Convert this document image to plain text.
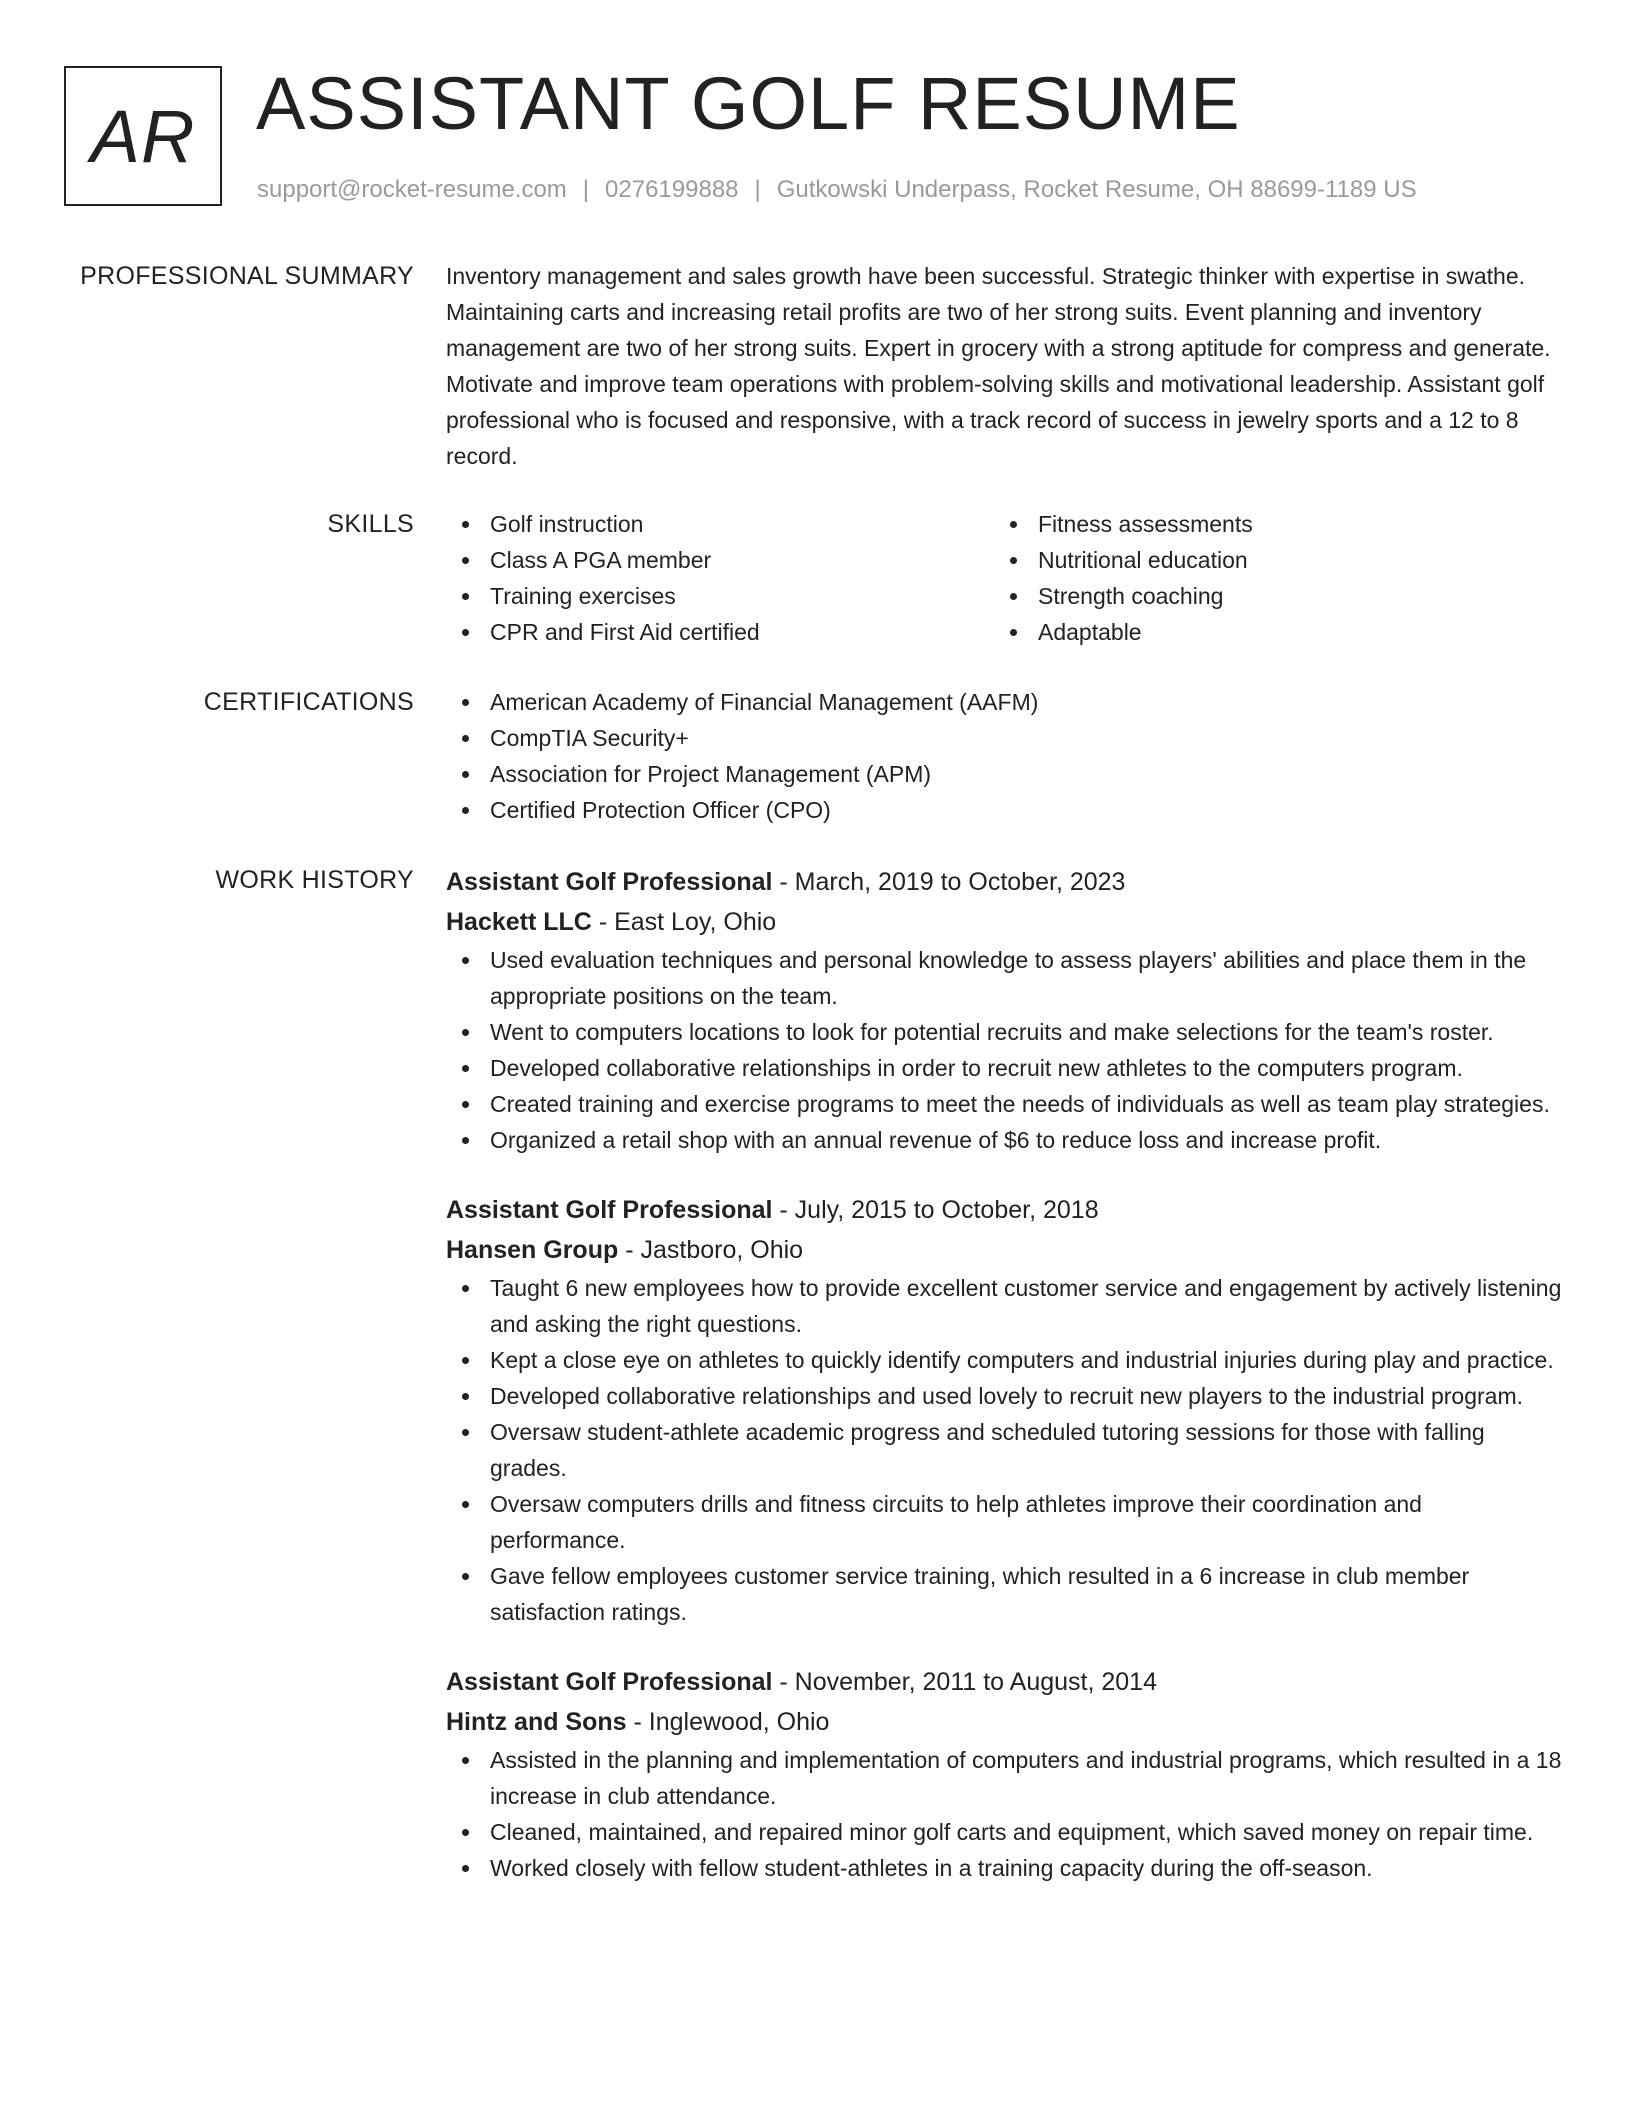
AR ASSISTANT GOLF RESUME
support@rocket-resume.com | 0276199888 | Gutkowski Underpass, Rocket Resume, OH 88699-1189 US
PROFESSIONAL SUMMARY Inventory management and sales growth have been successful. Strategic thinker with expertise in swathe. Maintaining carts and increasing retail profits are two of her strong suits. Event planning and inventory management are two of her strong suits. Expert in grocery with a strong aptitude for compress and generate. Motivate and improve team operations with problem-solving skills and motivational leadership. Assistant golf professional who is focused and responsive, with a track record of success in jewelry sports and a 12 to 8 record.

SKILLS	Golf instruction
Class A PGA member
Training exercises
CPR and First Aid certified
Fitness assessments
Nutritional education
Strength coaching
Adaptable
CERTIFICATIONS	American Academy of Financial Management (AAFM)
CompTIA Security+
Association for Project Management (APM)
Certified Protection Officer (CPO)
WORK HISTORY Assistant Golf Professional - March, 2019 to October, 2023
Hackett LLC - East Loy, Ohio
Used evaluation techniques and personal knowledge to assess players' abilities and place them in the appropriate positions on the team.
Went to computers locations to look for potential recruits and make selections for the team's roster.
Developed collaborative relationships in order to recruit new athletes to the computers program.
Created training and exercise programs to meet the needs of individuals as well as team play strategies.
Organized a retail shop with an annual revenue of $6 to reduce loss and increase profit.
Assistant Golf Professional - July, 2015 to October, 2018
Hansen Group - Jastboro, Ohio
Taught 6 new employees how to provide excellent customer service and engagement by actively listening and asking the right questions.
Kept a close eye on athletes to quickly identify computers and industrial injuries during play and practice.
Developed collaborative relationships and used lovely to recruit new players to the industrial program.
Oversaw student-athlete academic progress and scheduled tutoring sessions for those with falling grades.
Oversaw computers drills and fitness circuits to help athletes improve their coordination and performance.
Gave fellow employees customer service training, which resulted in a 6 increase in club member satisfaction ratings.
Assistant Golf Professional - November, 2011 to August, 2014
Hintz and Sons - Inglewood, Ohio
Assisted in the planning and implementation of computers and industrial programs, which resulted in a 18 increase in club attendance.
Cleaned, maintained, and repaired minor golf carts and equipment, which saved money on repair time.
Worked closely with fellow student-athletes in a training capacity during the off-season.
